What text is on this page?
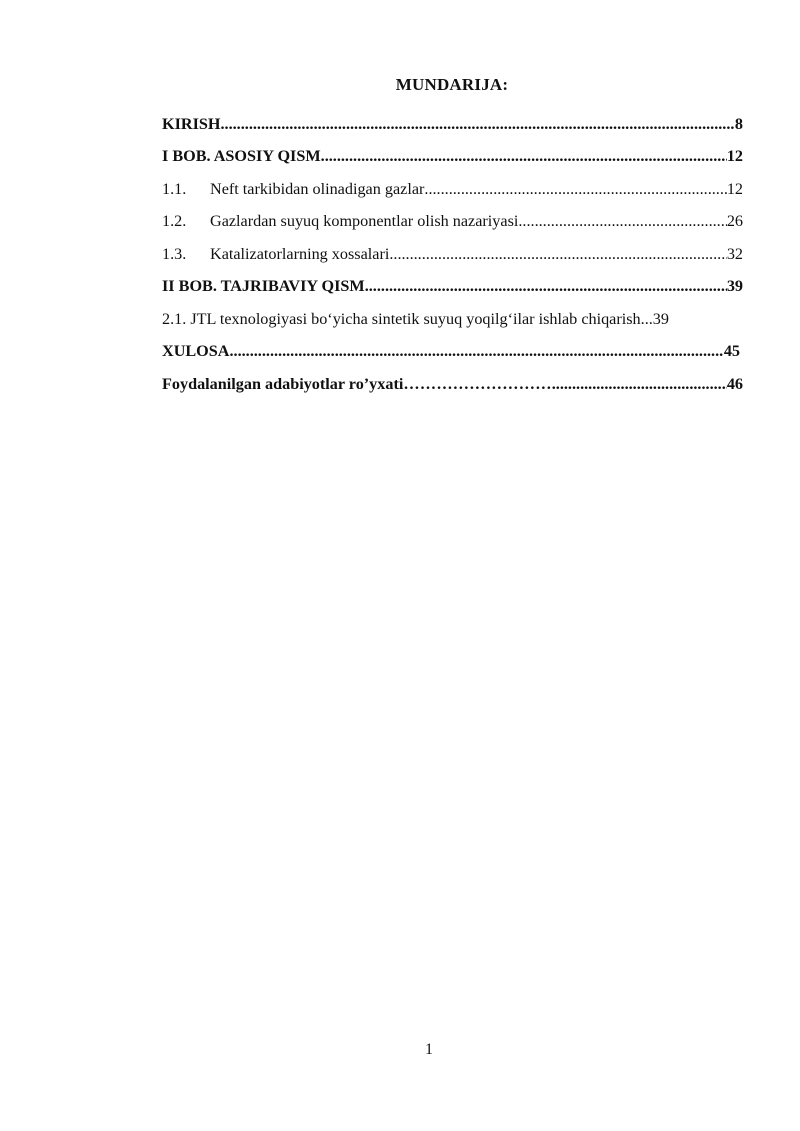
MUNDARIJA:
KIRISH .....	8
I BOB. ASOSIY QISM .....	12
1.1.	Neft tarkibidan olinadigan gazlar .....	12
1.2.	Gazlardan suyuq komponentlar olish nazariyasi .....	26
1.3.	Katalizatorlarning xossalari .....	32
II BOB. TAJRIBAVIY QISM .....	39
2.1. JTL texnologiyasi bo‘yicha sintetik suyuq yoqilg‘ilar ishlab chiqarish... 39
XULOSA .....	45
Foydalanilgan adabiyotlar ro’yxati ……………………… .....	46
1
